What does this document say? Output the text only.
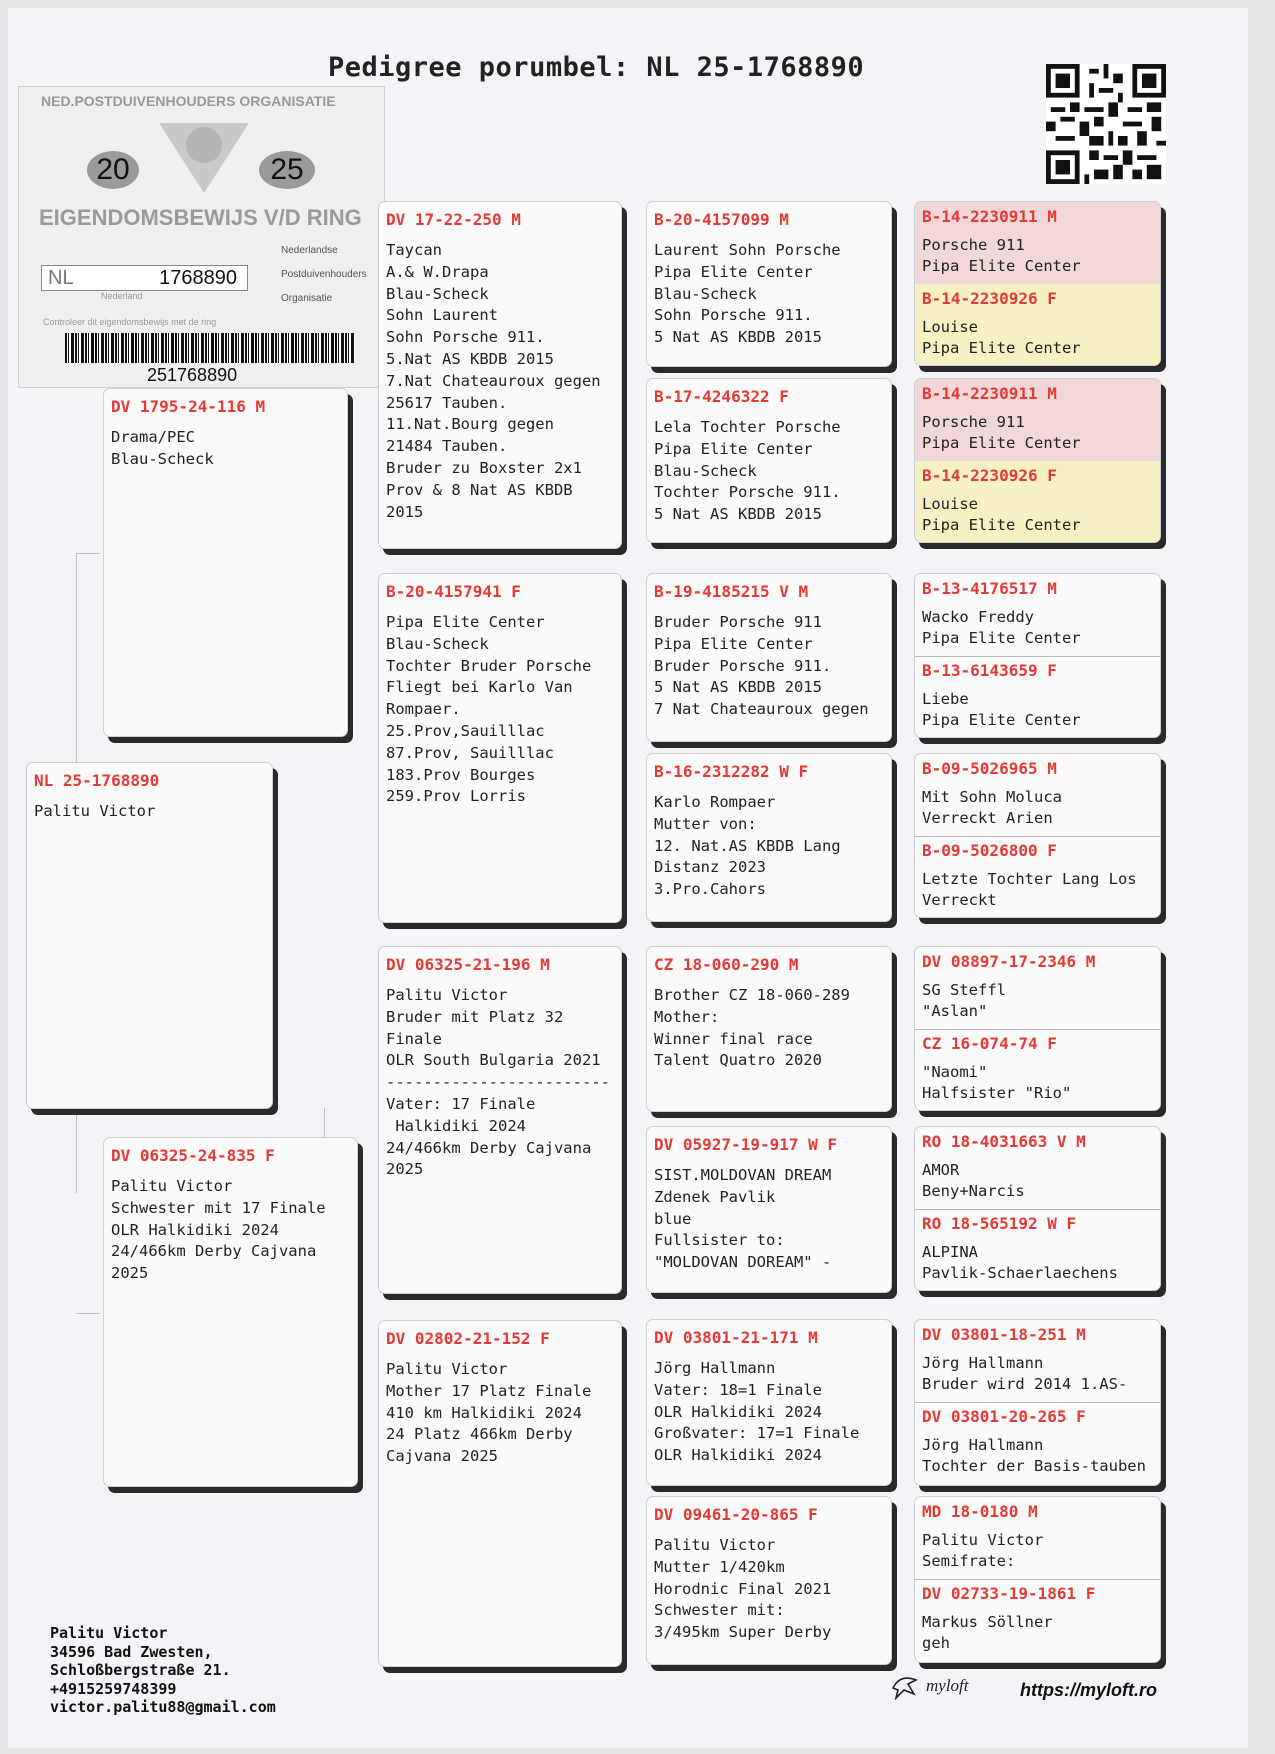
Pedigree porumbel: NL 25-1768890
NED.POSTDUIVENHOUDERS ORGANISATIE
20	25
EIGENDOMSBEWIJS V/D RING
NL	1768890
Nederland
Controleer dit eigendomsbewijs met de ring
Nederlandse
Postduivenhouders
Organisatie
251768890
NL 25-1768890
Palitu Victor
DV 1795-24-116 M
Drama/PEC
Blau-Scheck
DV 06325-24-835 F
Palitu Victor
Schwester mit 17 Finale
OLR Halkidiki 2024
24/466km Derby Cajvana
2025
DV 17-22-250 M
Taycan
A.& W.Drapa
Blau-Scheck
Sohn Laurent
Sohn Porsche 911.
5.Nat AS KBDB 2015
7.Nat Chateauroux gegen
25617 Tauben.
11.Nat.Bourg gegen
21484 Tauben.
Bruder zu Boxster 2x1
Prov & 8 Nat AS KBDB
2015
B-20-4157941 F
Pipa Elite Center
Blau-Scheck
Tochter Bruder Porsche
Fliegt bei Karlo Van
Rompaer.
25.Prov,Sauilllac
87.Prov, Sauilllac
183.Prov Bourges
259.Prov Lorris
DV 06325-21-196 M
Palitu Victor
Bruder mit Platz 32
Finale
OLR South Bulgaria 2021
------------------------
Vater: 17 Finale
Halkidiki 2024
24/466km Derby Cajvana
2025
DV 02802-21-152 F
Palitu Victor
Mother 17 Platz Finale
410 km Halkidiki 2024
24 Platz 466km Derby
Cajvana 2025
B-20-4157099 M
Laurent Sohn Porsche
Pipa Elite Center
Blau-Scheck
Sohn Porsche 911.
5 Nat AS KBDB 2015
B-17-4246322 F
Lela Tochter Porsche
Pipa Elite Center
Blau-Scheck
Tochter Porsche 911.
5 Nat AS KBDB 2015
B-19-4185215 V M
Bruder Porsche 911
Pipa Elite Center
Bruder Porsche 911.
5 Nat AS KBDB 2015
7 Nat Chateauroux gegen
B-16-2312282 W F
Karlo Rompaer
Mutter von:
12. Nat.AS KBDB Lang
Distanz 2023
3.Pro.Cahors
CZ 18-060-290 M
Brother CZ 18-060-289
Mother:
Winner final race
Talent Quatro 2020
DV 05927-19-917 W F
SIST.MOLDOVAN DREAM
Zdenek Pavlik
blue
Fullsister to:
"MOLDOVAN DOREAM" -
DV 03801-21-171 M
Jörg Hallmann
Vater: 18=1 Finale
OLR Halkidiki 2024
Großvater: 17=1 Finale
OLR Halkidiki 2024
DV 09461-20-865 F
Palitu Victor
Mutter 1/420km
Horodnic Final 2021
Schwester mit:
3/495km Super Derby
B-14-2230911 M
Porsche 911
Pipa Elite Center
B-14-2230926 F
Louise
Pipa Elite Center
B-14-2230911 M
Porsche 911
Pipa Elite Center
B-14-2230926 F
Louise
Pipa Elite Center
B-13-4176517 M
Wacko Freddy
Pipa Elite Center
B-13-6143659 F
Liebe
Pipa Elite Center
B-09-5026965 M
Mit Sohn Moluca
Verreckt Arien
B-09-5026800 F
Letzte Tochter Lang Los
Verreckt
DV 08897-17-2346 M
SG Steffl
"Aslan"
CZ 16-074-74 F
"Naomi"
Halfsister "Rio"
RO 18-4031663 V M
AMOR
Beny+Narcis
RO 18-565192 W F
ALPINA
Pavlik-Schaerlaechens
DV 03801-18-251 M
Jörg Hallmann
Bruder wird 2014 1.AS-
DV 03801-20-265 F
Jörg Hallmann
Tochter der Basis-tauben
MD 18-0180 M
Palitu Victor
Semifrate:
DV 02733-19-1861 F
Markus Söllner
geh
Palitu Victor
34596 Bad Zwesten,
Schloßbergstraße 21.
+4915259748399
victor.palitu88@gmail.com
myloft	https://myloft.ro
